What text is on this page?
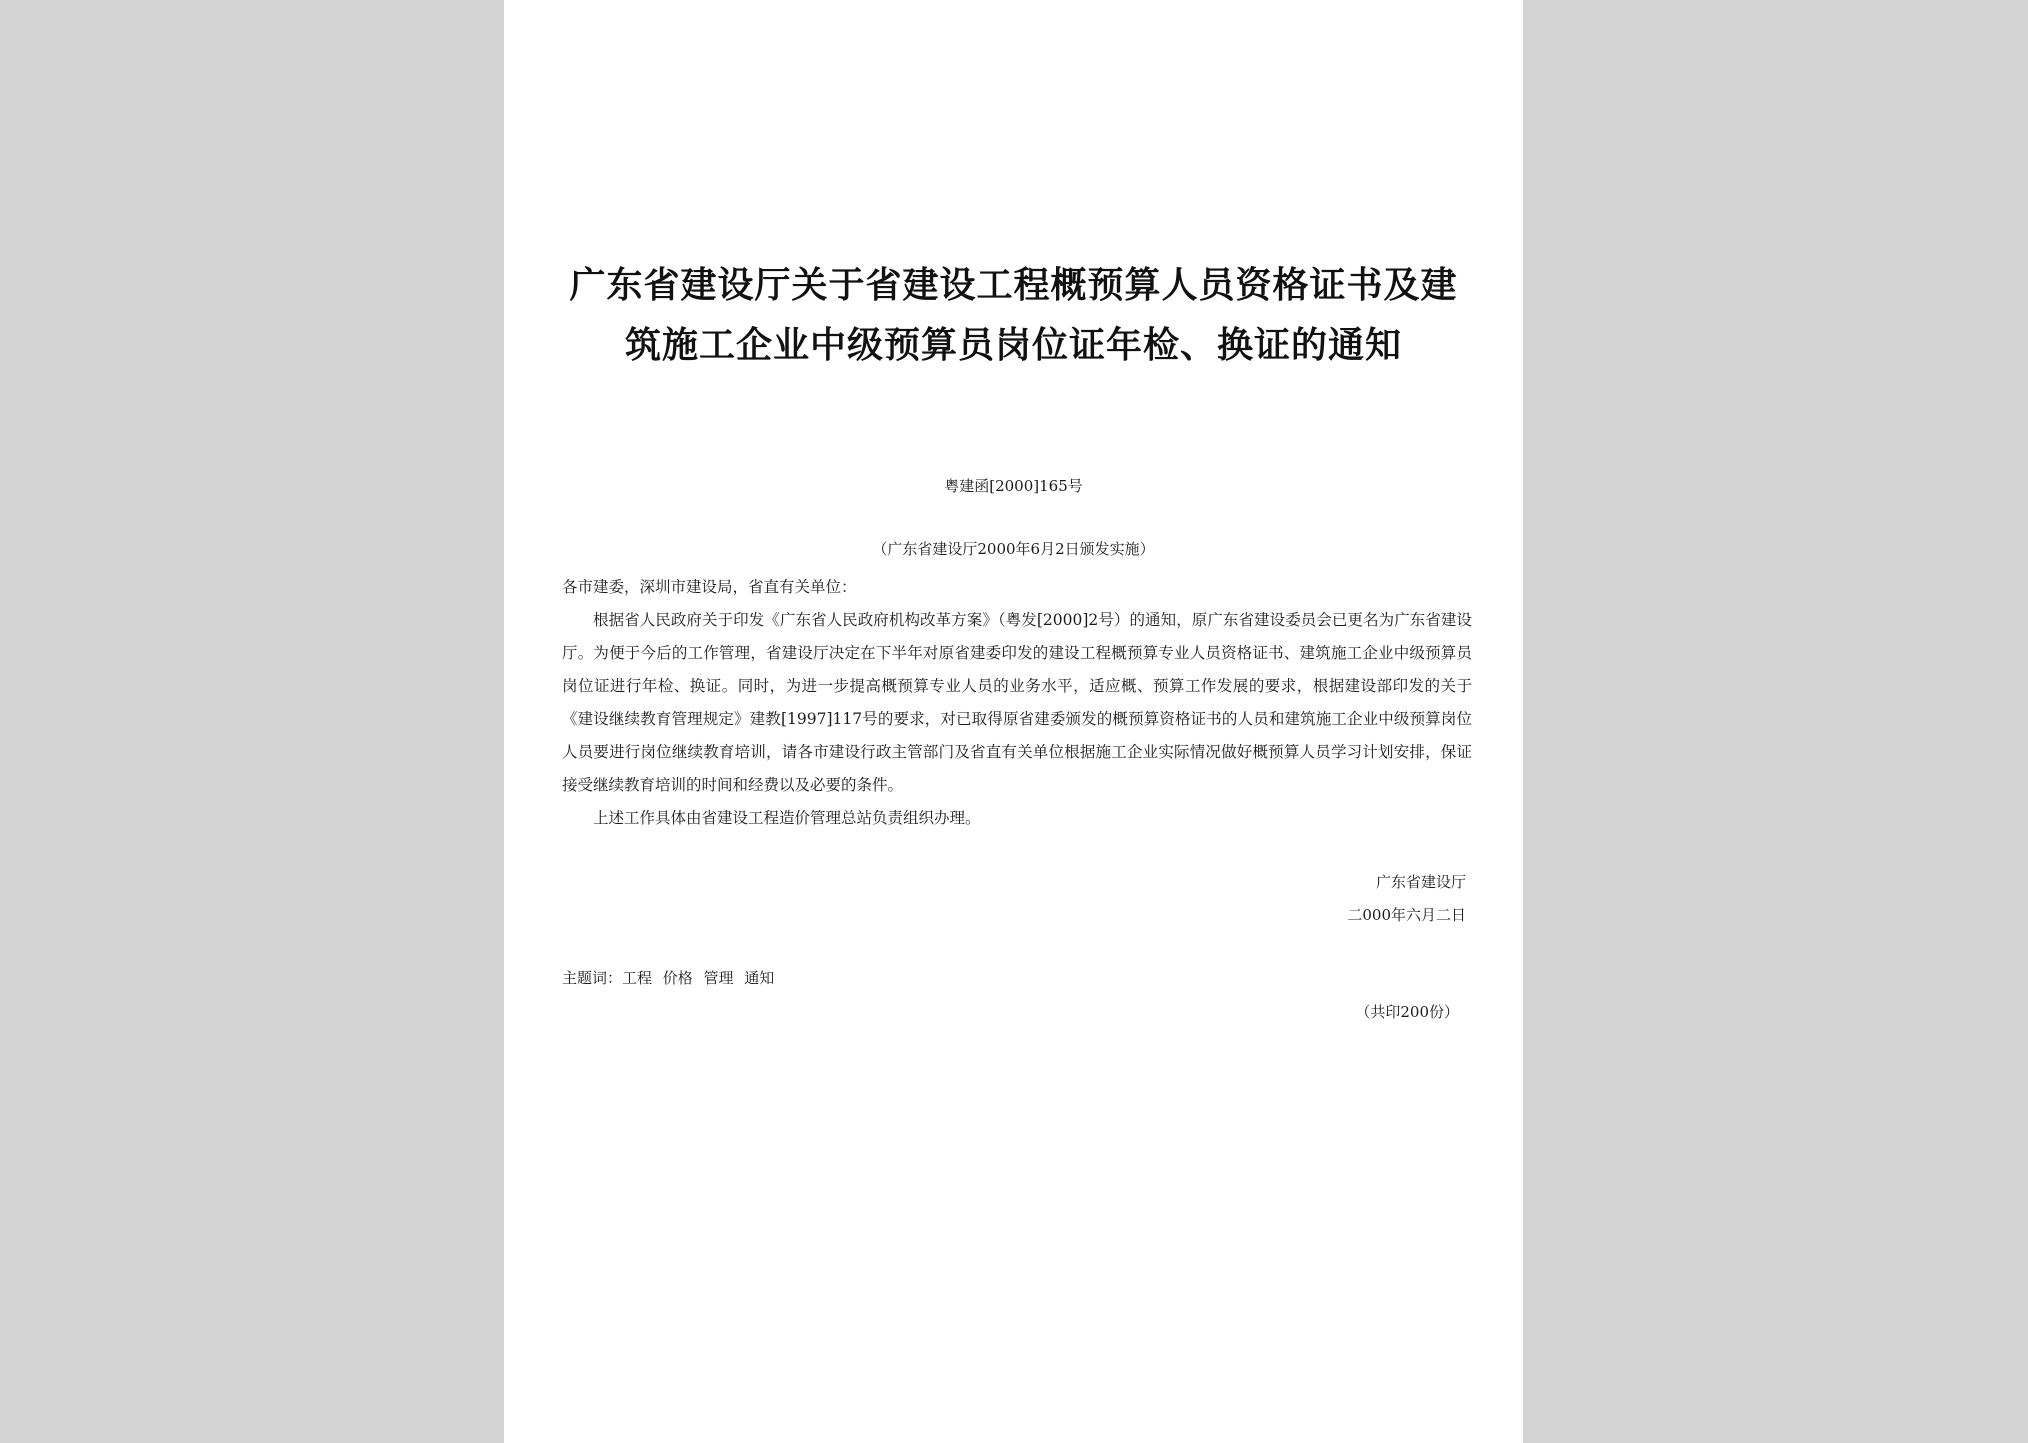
广东省建设厅关于省建设工程概预算人员资格证书及建
筑施工企业中级预算员岗位证年检、换证的通知
粤建函[2000]165号
（广东省建设厅2000年6月2日颁发实施）

各市建委，深圳市建设局，省直有关单位：

根据省人民政府关于印发《广东省人民政府机构改革方案》（粤发[2000]2号）的通知，原广东省建设委员会已更名为广东省建设厅。为便于今后的工作管理，省建设厅决定在下半年对原省建委印发的建设工程概预算专业人员资格证书、建筑施工企业中级预算员岗位证进行年检、换证。同时，为进一步提高概预算专业人员的业务水平，适应概、预算工作发展的要求，根据建设部印发的关于《建设继续教育管理规定》建教[1997]117号的要求，对已取得原省建委颁发的概预算资格证书的人员和建筑施工企业中级预算岗位人员要进行岗位继续教育培训，请各市建设行政主管部门及省直有关单位根据施工企业实际情况做好概预算人员学习计划安排，保证接受继续教育培训的时间和经费以及必要的条件。

上述工作具体由省建设工程造价管理总站负责组织办理。

广东省建设厅
二000年六月二日
主题词：工程 价格 管理 通知
（共印200份）
